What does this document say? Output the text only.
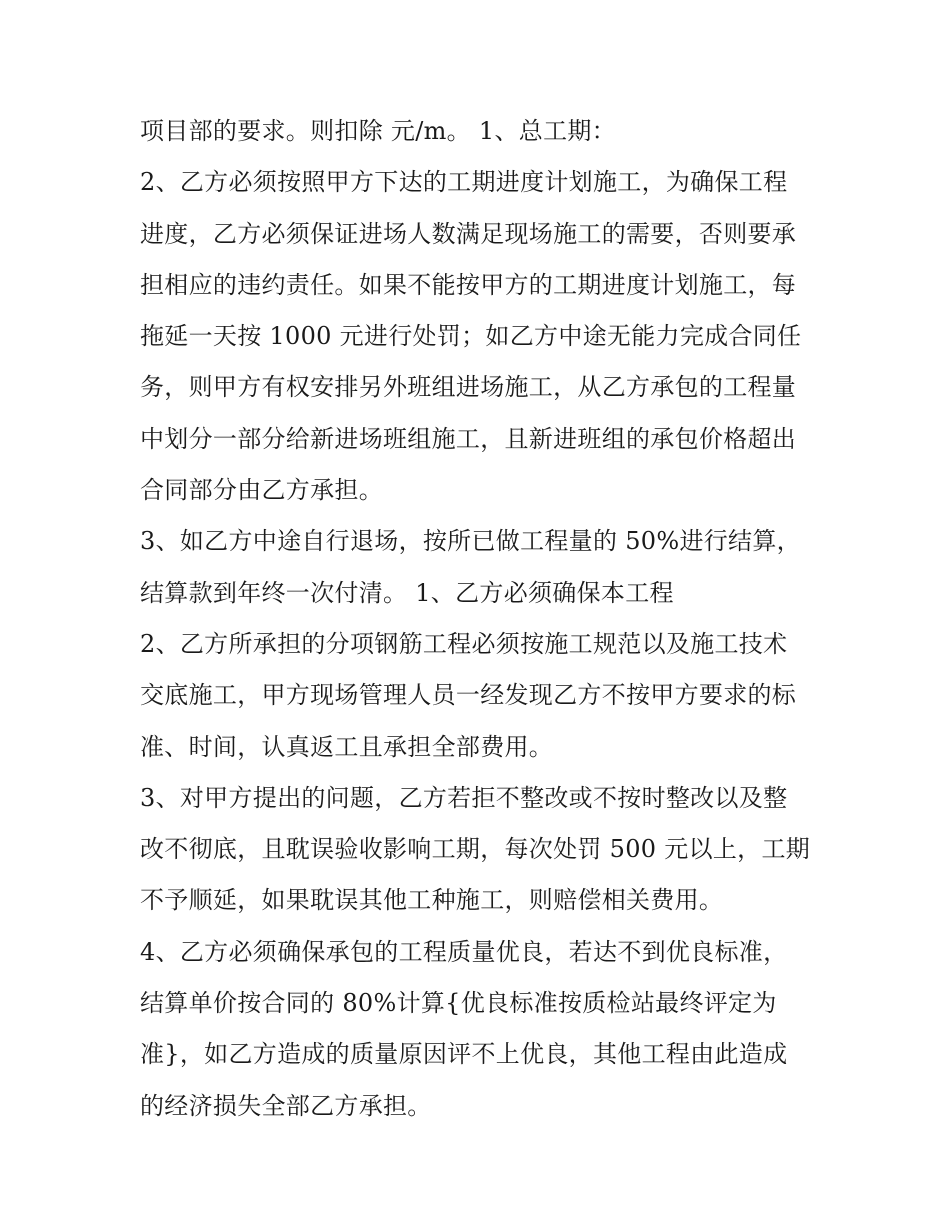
项目部的要求。则扣除 元/m。 1、总工期：
2、乙方必须按照甲方下达的工期进度计划施工，为确保工程
进度，乙方必须保证进场人数满足现场施工的需要，否则要承
担相应的违约责任。如果不能按甲方的工期进度计划施工，每
拖延一天按 1000 元进行处罚；如乙方中途无能力完成合同任
务，则甲方有权安排另外班组进场施工，从乙方承包的工程量
中划分一部分给新进场班组施工，且新进班组的承包价格超出
合同部分由乙方承担。
3、如乙方中途自行退场，按所已做工程量的 50%进行结算，
结算款到年终一次付清。 1、乙方必须确保本工程
2、乙方所承担的分项钢筋工程必须按施工规范以及施工技术
交底施工，甲方现场管理人员一经发现乙方不按甲方要求的标
准、时间，认真返工且承担全部费用。
3、对甲方提出的问题，乙方若拒不整改或不按时整改以及整
改不彻底，且耽误验收影响工期，每次处罚 500 元以上，工期
不予顺延，如果耽误其他工种施工，则赔偿相关费用。
4、乙方必须确保承包的工程质量优良，若达不到优良标准，
结算单价按合同的 80%计算{优良标准按质检站最终评定为
准}，如乙方造成的质量原因评不上优良，其他工程由此造成
的经济损失全部乙方承担。
